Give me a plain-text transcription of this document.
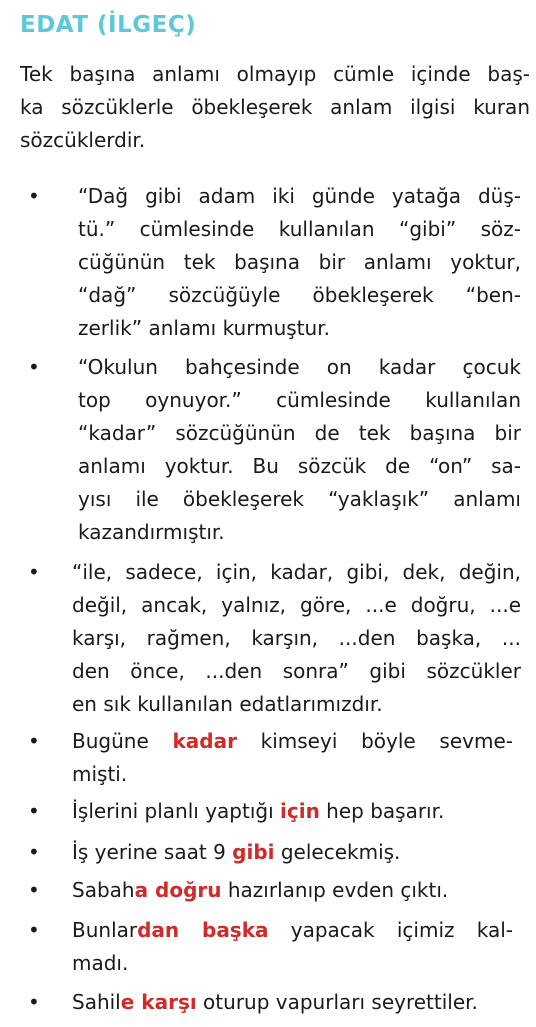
EDAT (İLGEÇ)
Tek başına anlamı olmayıp cümle içinde baş-
ka sözcüklerle öbekleşerek anlam ilgisi kuran
sözcüklerdir.
• “Dağ gibi adam iki günde yatağa düş-
tü.” cümlesinde kullanılan “gibi” söz-
cüğünün tek başına bir anlamı yoktur,
“dağ” sözcüğüyle öbekleşerek “ben-
zerlik” anlamı kurmuştur.
• “Okulun bahçesinde on kadar çocuk
top oynuyor.” cümlesinde kullanılan
“kadar” sözcüğünün de tek başına bir
anlamı yoktur. Bu sözcük de “on” sa-
yısı ile öbekleşerek “yaklaşık” anlamı
kazandırmıştır.
• “ile, sadece, için, kadar, gibi, dek, değin,
değil, ancak, yalnız, göre, ...e doğru, ...e
karşı, rağmen, karşın, ...den başka, ...
den önce, ...den sonra” gibi sözcükler
en sık kullanılan edatlarımızdır.
• Bugüne kadar kimseyi böyle sevme-
mişti.
• İşlerini planlı yaptığı için hep başarır.
• İş yerine saat 9 gibi gelecekmiş.
• Sabaha doğru hazırlanıp evden çıktı.
• Bunlardan başka yapacak içimiz kal-
madı.
• Sahile karşı oturup vapurları seyrettiler.
